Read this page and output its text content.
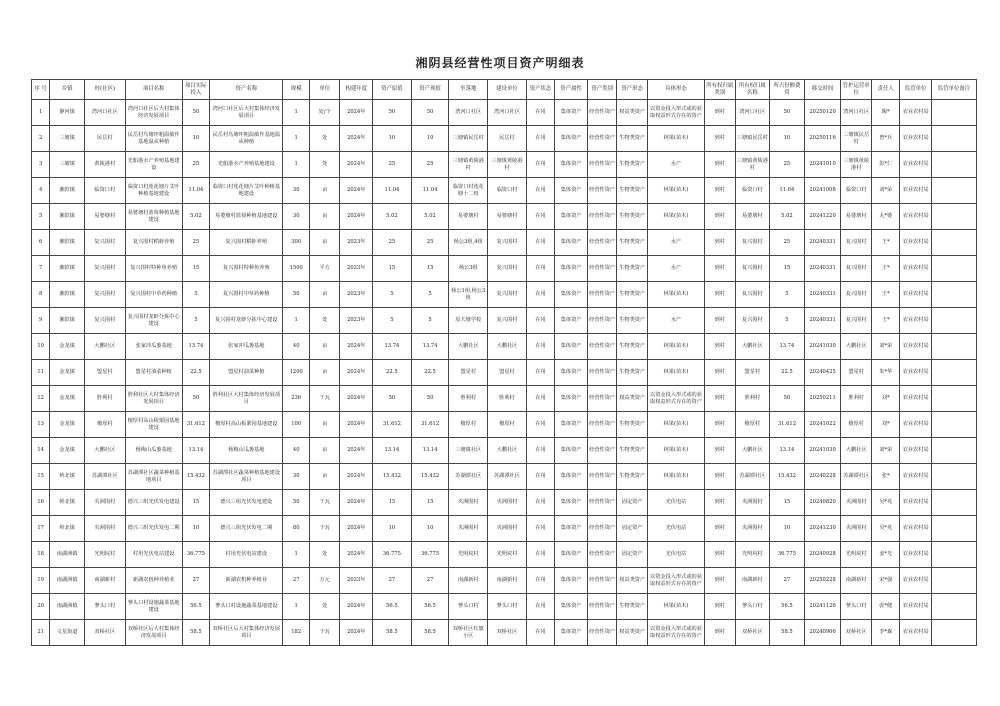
湘阴县经营性项目资产明细表
序 号	乡镇	村(社区)	项目名称	项目实际投入	资产名称	规模	单位	构建年度	资产原值	资产现值	坐落地	建设单位	资产状态	资产属性	资产类别	资产形态	具体形态	所有权归属类别	所有权归属名称	所占份额费用	移交时间	管护运营单位	责任人	监管单位	监管单位备注
1	静河镇	湾河口社区	湾河口社区后大村集体经济发展项目	50	湾河口社区后大村集体经济发展项目	1	处/个	2024年	50	50	湾河口社区	湾河口社区	在用	集体资产	经营性资产	权益类资产	以资金投入形式或的获取权益形式存在的资产	到村	湾河口社区	50	20250120	湾河口社区	陶*	农业农村局	
2	三塘镇	民岳村	民岳村鸟塘坪粗温敏作基地温从种植	10	民岳村鸟塘坪粗温敏作基地温从种植	1	处	2024年	10	10	三塘镇民岳村	民岳村	在用	集体资产	经营性资产	生物类资产	林果(苗木)	到村	三塘镇民岳村	10	20250116	三塘镇民岳村	曾*兵	农业农村局	
3	三塘镇	黄陵港村	光船港水产养殖基地建设	25	光船港水产养殖基地建设	1	处	2024年	25	25	三塘镇黄陵港村	三塘镇黄陵港村	在用	集体资产	经营性资产	生物类资产	水产	到村	三塘镇黄陵港村	25	20241010	三塘镇黄陵港村	彭*仁	农业农村局	
4	湘滨镇	临资口村	临资口村莲花塘片艾叶种植基地建设	11.04	临资口村莲花塘片艾叶种植基地建设	30	亩	2024年	11.04	11.04	临资口村莲花塘十二组	临资口村	在用	集体资产	经营性资产	生物类资产	林果(苗木)	到村	临资口村	11.04	20241008	临资口村	刘*荣	农业农村局	
5	湘滨镇	易婆塘村	易婆塘村蓝莓种植基地建设	5.02	易婆塘村蓝莓种植基地建设	30	亩	2024年	5.02	5.02	易婆塘村	易婆塘村	在用	集体资产	经营性资产	生物类资产	林果(苗木)	到村	易婆塘村	5.02	20241220	易婆塘村	丸*婆	农业农村局	
6	湘滨镇	复兴围村	复兴围村稻虾养殖	25	复兴围村稻虾养殖	300	亩	2023年	25	25	杨公3组,4组	复兴围村	在用	集体资产	经营性资产	生物类资产	水产	到村	复兴围村	25	20240331	复兴围村	王*	农业农村局	
7	湘滨镇	复兴围村	复兴围村特种鱼养殖	15	复兴围村特种鱼养殖	1500	平方	2023年	15	15	杨公3组	复兴围村	在用	集体资产	经营性资产	生物类资产	水产	到村	复兴围村	15	20240331	复兴围村	王*	农业农村局	
8	湘滨镇	复兴围村	复兴围村中草药种植	5	复兴围村中草药种植	50	亩	2023年	5	5	杨公1组,杨公3组	复兴围村	在用	集体资产	经营性资产	生物类资产	林果(苗木)	到村	复兴围村	5	20240331	复兴围村	王*	农业农村局	
9	湘滨镇	复兴围村	复兴围村龙虾分拣中心建设	5	复兴围村龙虾分拣中心建设	1	处	2023年	5	5	原天塘学校	复兴围村	在用	集体资产	经营性资产	生物类资产	水产	到村	复兴围村	5	20240331	复兴围村	王*	农业农村局	
10	金龙镇	大鹏社区	张家冲瓜蒌基地	13.74	张家冲瓜蒌基地	40	亩	2024年	13.74	13.74	大鹏社区	大鹏社区	在用	集体资产	经营性资产	生物类资产	林果(苗木)	到村	大鹏社区	13.74	20241030	大鹏社区	刘*荣	农业农村局	
11	金龙镇	盟星村	盟星村油菜种植	22.5	盟星村油菜种植	1200	亩	2024年	22.5	22.5	盟星村	盟星村	在用	集体资产	经营性资产	生物类资产	林果(苗木)	到村	盟星村	22.5	20240425	盟星村	朱*华	农业农村局	
12	金龙镇	胜利村	胜利社区大村集体经济发展项目	50	胜利社区大村集体经济发展项目	236	千瓦	2024年	50	50	胜利村	胜利村	在用	集体资产	经营性资产	权益类资产	以资金投入形式或的获取权益形式存在的资产	到村	胜利村	50	20250211	胜利村	刘*	农业农村局	
13	金龙镇	檀厚村	檀厚村高山板栗园基地建设	31.612	檀厚村高山板栗园基地建设	100	亩	2024年	31.612	31.612	檀厚村	檀厚村	在用	集体资产	经营性资产	生物类资产	林果(苗木)	到村	檀厚村	31.612	20241022	檀厚村	刘*	农业农村局	
14	金龙镇	大鹏社区	杨梅山瓜蒌基地	13.14	杨梅山瓜蒌基地	40	亩	2024年	13.14	13.14	三塘镇社区	大鹏社区	在用	集体资产	经营性资产	生物类资产	林果(苗木)	到村	大鹏社区	13.14	20241030	大鹏社区	刘*荣	农业农村局	
15	岭北镇	苏湖潭社区	苏湖潭社区蔬菜种植基地项目	15.432	苏湖潭社区蔬菜种植基地建设项目	30	亩	2024年	15.432	15.432	苏湖潭社区	苏湖潭社区	在用	集体资产	经营性资产	生物类资产	林果(苗木)	到村	苏湖潭社区	15.432	20240228	苏湖潭社区	张*	农业农村局	
16	岭北镇	夹洲围村	德兴三组光伏发电建设	15	德兴三组光伏发电建设	50	千瓦	2024年	15	15	夹洲围村	夹洲围村	在用	集体资产	经营性资产	固定资产	光伏电站	到村	夹洲围村	15	20240820	夹洲围村	吴*兆	农业农村局	
17	岭北镇	夹洲围村	德兴三组光伏发电二期	10	德兴三组光伏发电二期	80	千瓦	2024年	10	10	夹洲围村	夹洲围村	在用	集体资产	经营性资产	固定资产	光伏电站	到村	夹洲围村	10	20241230	夹洲围村	吴*兆	农业农村局	
18	南湖洲镇	光明垸村	村用光伏电站建设	36.775	村用光伏电站建设	1	处	2024年	36.775	36.775	光明垸村	光明垸村	在用	集体资产	经营性资产	固定资产	光伏电站	到村	光明垸村	36.775	20240928	光明垸村	姜*光	农业农村局	
19	南湖洲镇	南湖新村	新湖农机种养植业	27	新湖农机种养植业	27	万元	2023年	27	27	南湖新村	南湖新村	在用	集体资产	经营性资产	权益类资产	以资金投入形式或的获取权益形式存在的资产	到村	南湖新村	27	20250228	南湖新村	宋*强	农业农村局	
20	南湖洲镇	蓼头口村	蓼头口村设施蔬菜基地建设	56.5	蓼头口村设施蔬菜基地建设	1	处	2024年	56.5	56.5	蓼头口村	蓼头口村	在用	集体资产	经营性资产	生物类资产	林果(苗木)	到村	蓼头口村	56.5	20241126	蓼头口村	张*健	农业农村局	
21	文星街道	双桥社区	双桥社区后大村集体经济发展项目	58.5	双桥社区后大村集体经济发展项目	182	千瓦	2024年	58.5	58.5	双桥社区红旗小区	双桥社区	在用	集体资产	经营性资产	权益类资产	以资金投入形式或的获取权益形式存在的资产	到村	双桥社区	58.5	20240906	双桥社区	李*森	农业农村局	
